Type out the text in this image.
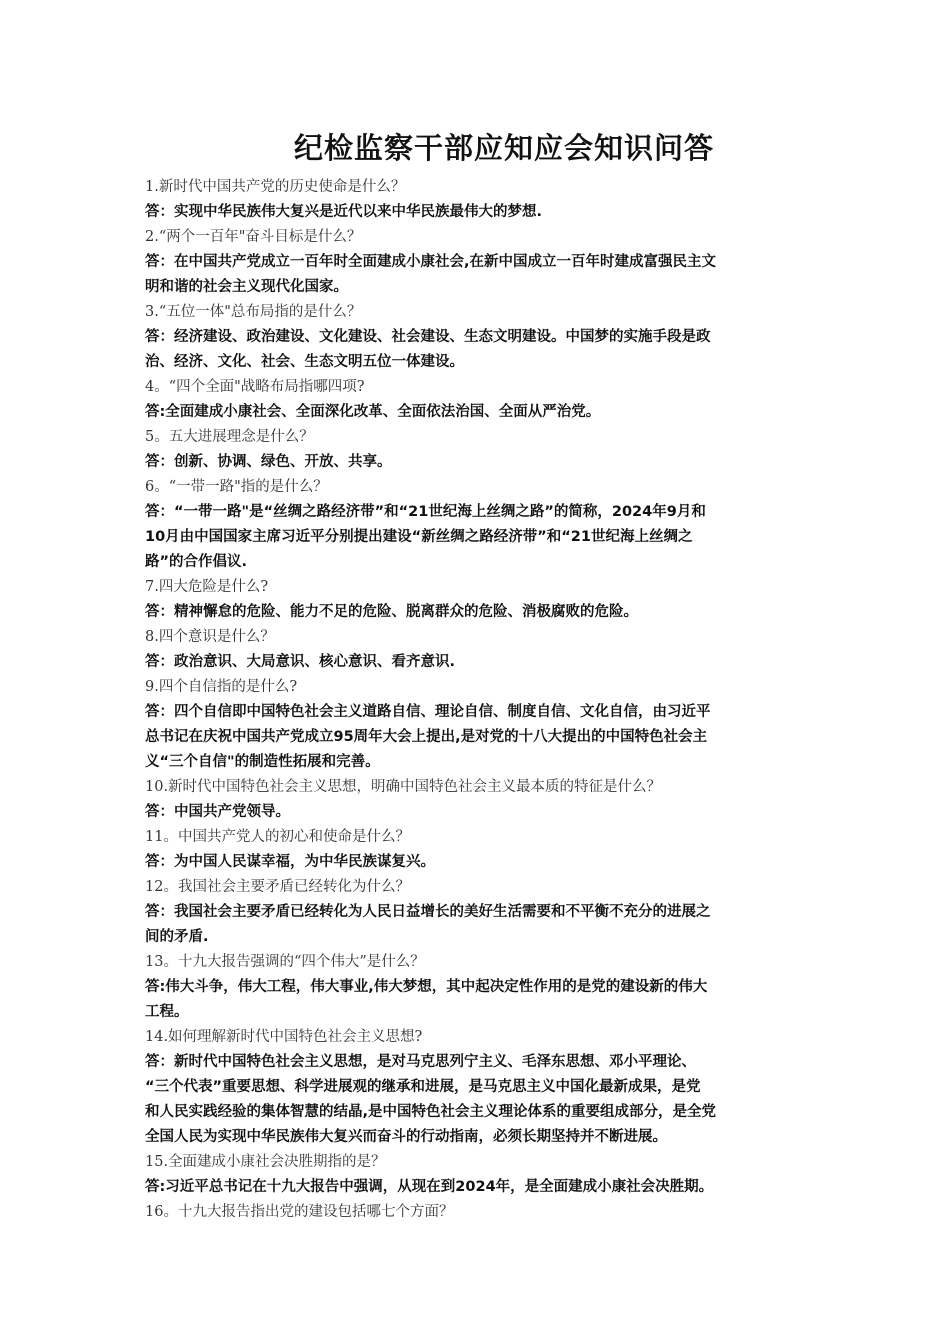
纪检监察干部应知应会知识问答
1.新时代中国共产党的历史使命是什么？
答：实现中华民族伟大复兴是近代以来中华民族最伟大的梦想.
2.“两个一百年"奋斗目标是什么？
答：在中国共产党成立一百年时全面建成小康社会,在新中国成立一百年时建成富强民主文
明和谐的社会主义现代化国家。
3.“五位一体"总布局指的是什么？
答：经济建设、政治建设、文化建设、社会建设、生态文明建设。中国梦的实施手段是政
治、经济、文化、社会、生态文明五位一体建设。
4。“四个全面"战略布局指哪四项?
答:全面建成小康社会、全面深化改革、全面依法治国、全面从严治党。
5。五大进展理念是什么？
答：创新、协调、绿色、开放、共享。
6。“一带一路"指的是什么？
答：“一带一路"是“丝绸之路经济带”和“21世纪海上丝绸之路”的简称，2024年9月和
10月由中国国家主席习近平分别提出建设“新丝绸之路经济带”和“21世纪海上丝绸之
路”的合作倡议.
7.四大危险是什么?
答：精神懈怠的危险、能力不足的危险、脱离群众的危险、消极腐败的危险。
8.四个意识是什么？
答：政治意识、大局意识、核心意识、看齐意识.
9.四个自信指的是什么?
答：四个自信即中国特色社会主义道路自信、理论自信、制度自信、文化自信，由习近平
总书记在庆祝中国共产党成立95周年大会上提出,是对党的十八大提出的中国特色社会主
义“三个自信"的制造性拓展和完善。
10.新时代中国特色社会主义思想，明确中国特色社会主义最本质的特征是什么？
答：中国共产党领导。
11。中国共产党人的初心和使命是什么？
答：为中国人民谋幸福，为中华民族谋复兴。
12。我国社会主要矛盾已经转化为什么？
答：我国社会主要矛盾已经转化为人民日益增长的美好生活需要和不平衡不充分的进展之
间的矛盾.
13。十九大报告强调的“四个伟大”是什么？
答:伟大斗争，伟大工程，伟大事业,伟大梦想，其中起决定性作用的是党的建设新的伟大
工程。
14.如何理解新时代中国特色社会主义思想?
答：新时代中国特色社会主义思想，是对马克思列宁主义、毛泽东思想、邓小平理论、
“三个代表”重要思想、科学进展观的继承和进展，是马克思主义中国化最新成果，是党
和人民实践经验的集体智慧的结晶,是中国特色社会主义理论体系的重要组成部分，是全党
全国人民为实现中华民族伟大复兴而奋斗的行动指南，必须长期坚持并不断进展。
15.全面建成小康社会决胜期指的是？
答:习近平总书记在十九大报告中强调，从现在到2024年，是全面建成小康社会决胜期。
16。十九大报告指出党的建设包括哪七个方面？
